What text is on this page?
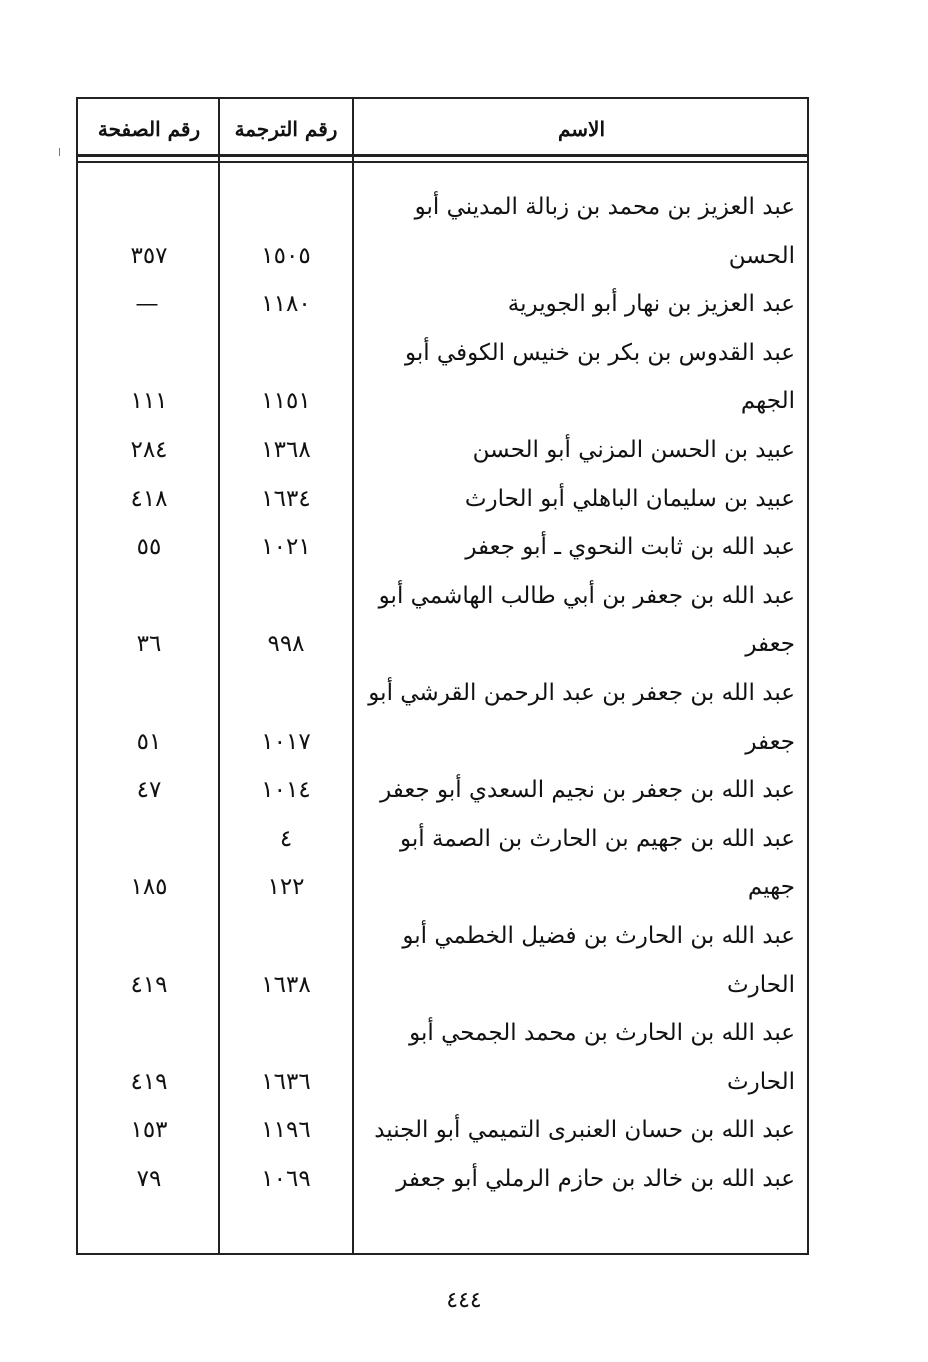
الاسم
رقم الترجمة
رقم الصفحة
عبد العزيز بن محمد بن زبالة المديني أبو
الحسن
١٥٠٥
٣٥٧
عبد العزيز بن نهار أبو الجويرية
١١٨٠
—
عبد القدوس بن بكر بن خنيس الكوفي أبو
الجهم
١١٥١
١١١
عبيد بن الحسن المزني أبو الحسن
١٣٦٨
٢٨٤
عبيد بن سليمان الباهلي أبو الحارث
١٦٣٤
٤١٨
عبد الله بن ثابت النحوي ـ أبو جعفر
١٠٢١
٥٥
عبد الله بن جعفر بن أبي طالب الهاشمي أبو
جعفر
٩٩٨
٣٦
عبد الله بن جعفر بن عبد الرحمن القرشي أبو
جعفر
١٠١٧
٥١
عبد الله بن جعفر بن نجيم السعدي أبو جعفر
١٠١٤
٤٧
عبد الله بن جهيم بن الحارث بن الصمة أبو
٤
جهيم
١٢٢
١٨٥
عبد الله بن الحارث بن فضيل الخطمي أبو
الحارث
١٦٣٨
٤١٩
عبد الله بن الحارث بن محمد الجمحي أبو
الحارث
١٦٣٦
٤١٩
عبد الله بن حسان العنبرى التميمي أبو الجنيد
١١٩٦
١٥٣
عبد الله بن خالد بن حازم الرملي أبو جعفر
١٠٦٩
٧٩
٤٤٤
